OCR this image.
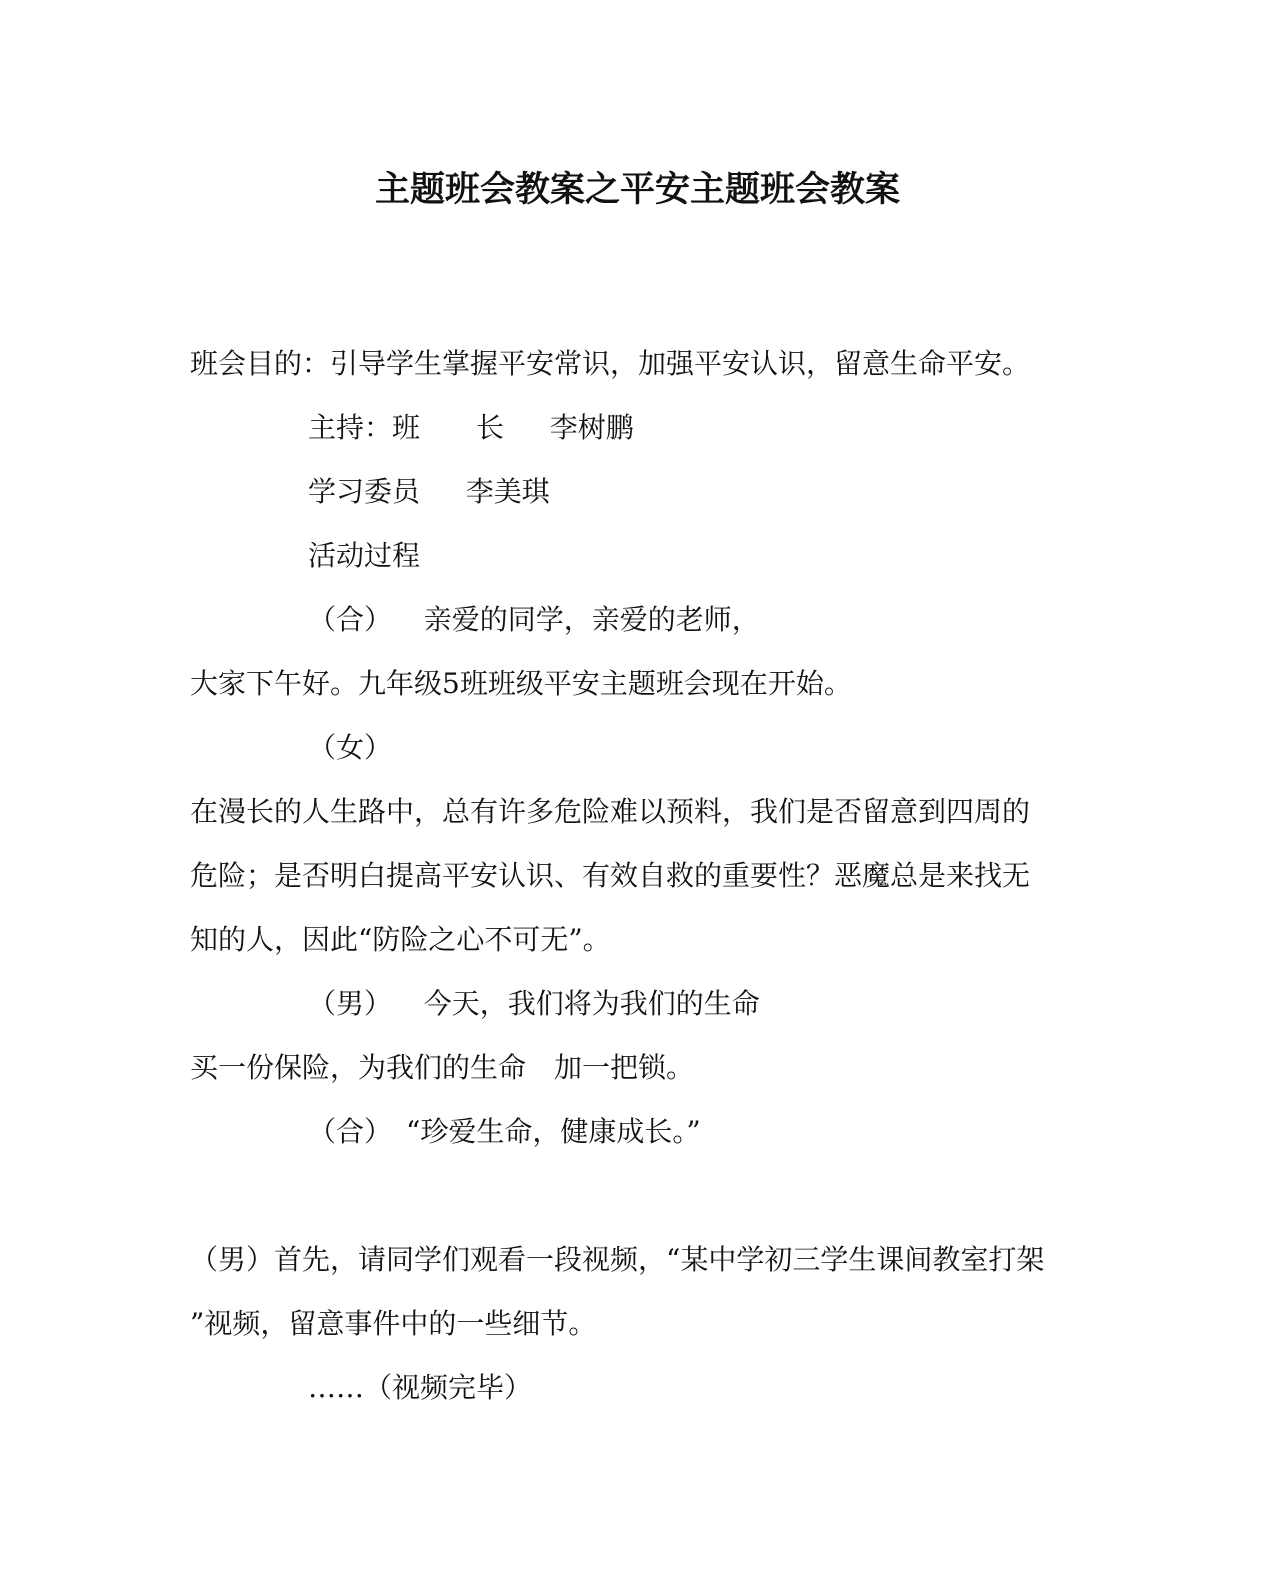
主题班会教案之平安主题班会教案
班会目的：引导学生掌握平安常识，加强平安认识，留意生命平安。
主持：班　　长　  李树鹏
学习委员　  李美琪
活动过程
（合）　  亲爱的同学，亲爱的老师，
大家下午好。九年级5班班级平安主题班会现在开始。
（女）
在漫长的人生路中，总有许多危险难以预料，我们是否留意到四周的
危险；是否明白提高平安认识、有效自救的重要性？恶魔总是来找无
知的人，因此“防险之心不可无”。
（男）　  今天，我们将为我们的生命
买一份保险，为我们的生命　加一把锁。
（合）　“珍爱生命，健康成长。”
（男）首先，请同学们观看一段视频，“某中学初三学生课间教室打架
”视频，留意事件中的一些细节。
……（视频完毕）
